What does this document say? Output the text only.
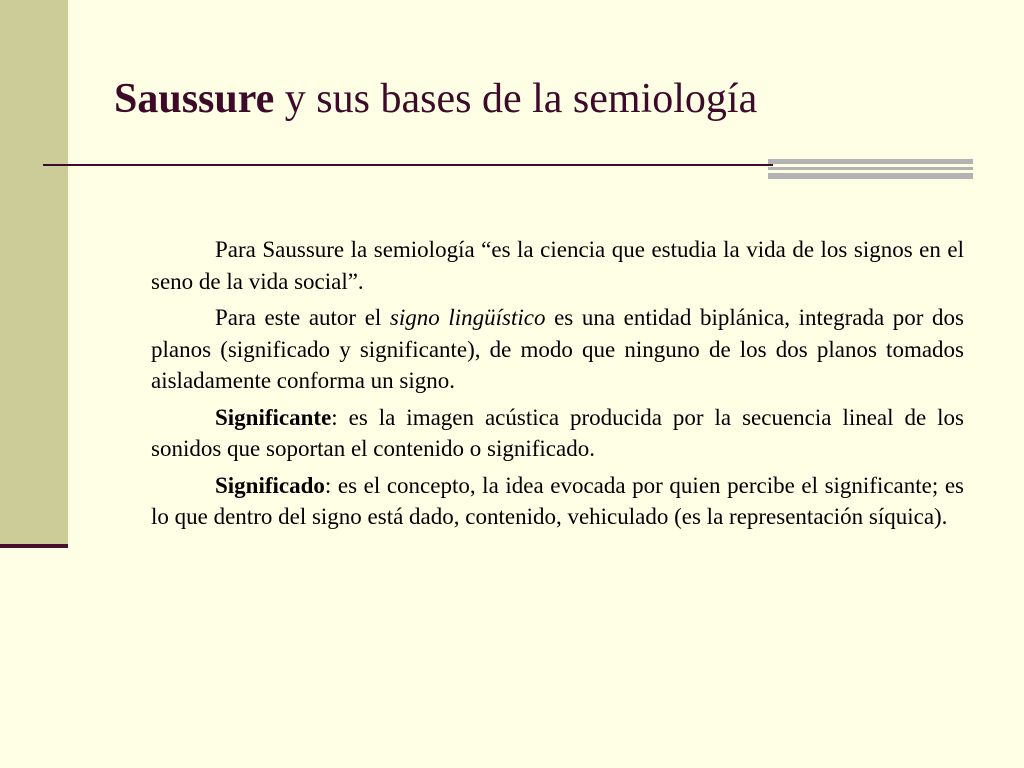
Saussure y sus bases de la semiología

Para Saussure la semiología “es la ciencia que estudia la vida de los signos en el seno de la vida social”.

Para este autor el signo lingüístico es una entidad biplánica, integrada por dos planos (significado y significante), de modo que ninguno de los dos planos tomados aisladamente conforma un signo.

Significante: es la imagen acústica producida por la secuencia lineal de los sonidos que soportan el contenido o significado.

Significado: es el concepto, la idea evocada por quien percibe el significante; es lo que dentro del signo está dado, contenido, vehiculado (es la representación síquica).
